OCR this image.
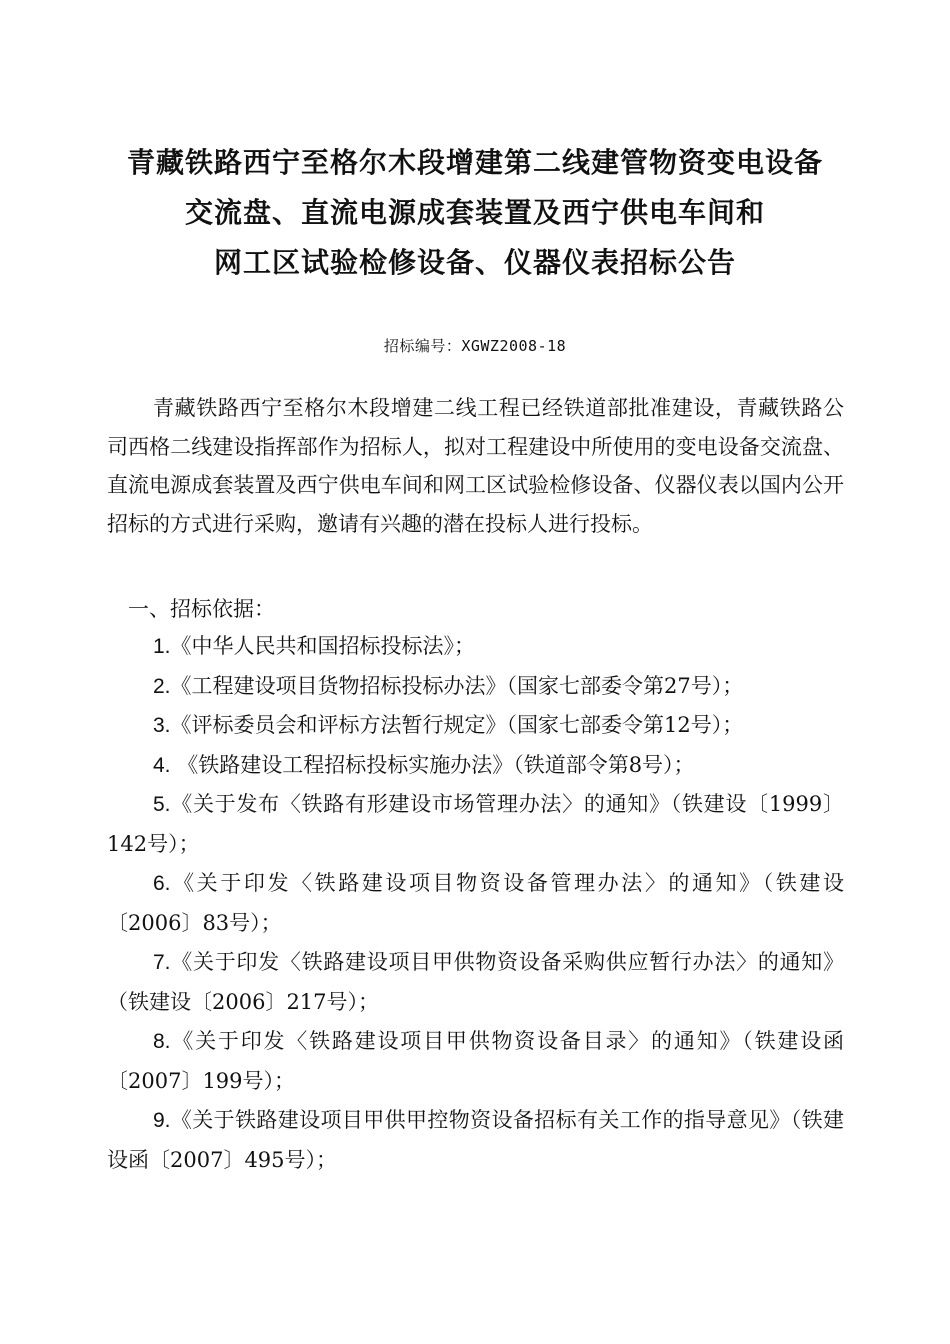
青藏铁路西宁至格尔木段增建第二线建管物资变电设备
交流盘、直流电源成套装置及西宁供电车间和
网工区试验检修设备、仪器仪表招标公告
招标编号：XGWZ2008-18

青藏铁路西宁至格尔木段增建二线工程已经铁道部批准建设，青藏铁路公司西格二线建设指挥部作为招标人，拟对工程建设中所使用的变电设备交流盘、直流电源成套装置及西宁供电车间和网工区试验检修设备、仪器仪表以国内公开招标的方式进行采购，邀请有兴趣的潜在投标人进行投标。

一、招标依据：
1.《中华人民共和国招标投标法》；
2.《工程建设项目货物招标投标办法》（国家七部委令第27号）；
3.《评标委员会和评标方法暂行规定》（国家七部委令第12号）；
4. 《铁路建设工程招标投标实施办法》（铁道部令第8号）；
5.《关于发布〈铁路有形建设市场管理办法〉的通知》（铁建设〔1999〕142号）；
6.《关于印发〈铁路建设项目物资设备管理办法〉的通知》（铁建设〔2006〕83号）；
7.《关于印发〈铁路建设项目甲供物资设备采购供应暂行办法〉的通知》（铁建设〔2006〕217号）；
8.《关于印发〈铁路建设项目甲供物资设备目录〉的通知》（铁建设函〔2007〕199号）；
9.《关于铁路建设项目甲供甲控物资设备招标有关工作的指导意见》（铁建设函〔2007〕495号）；
